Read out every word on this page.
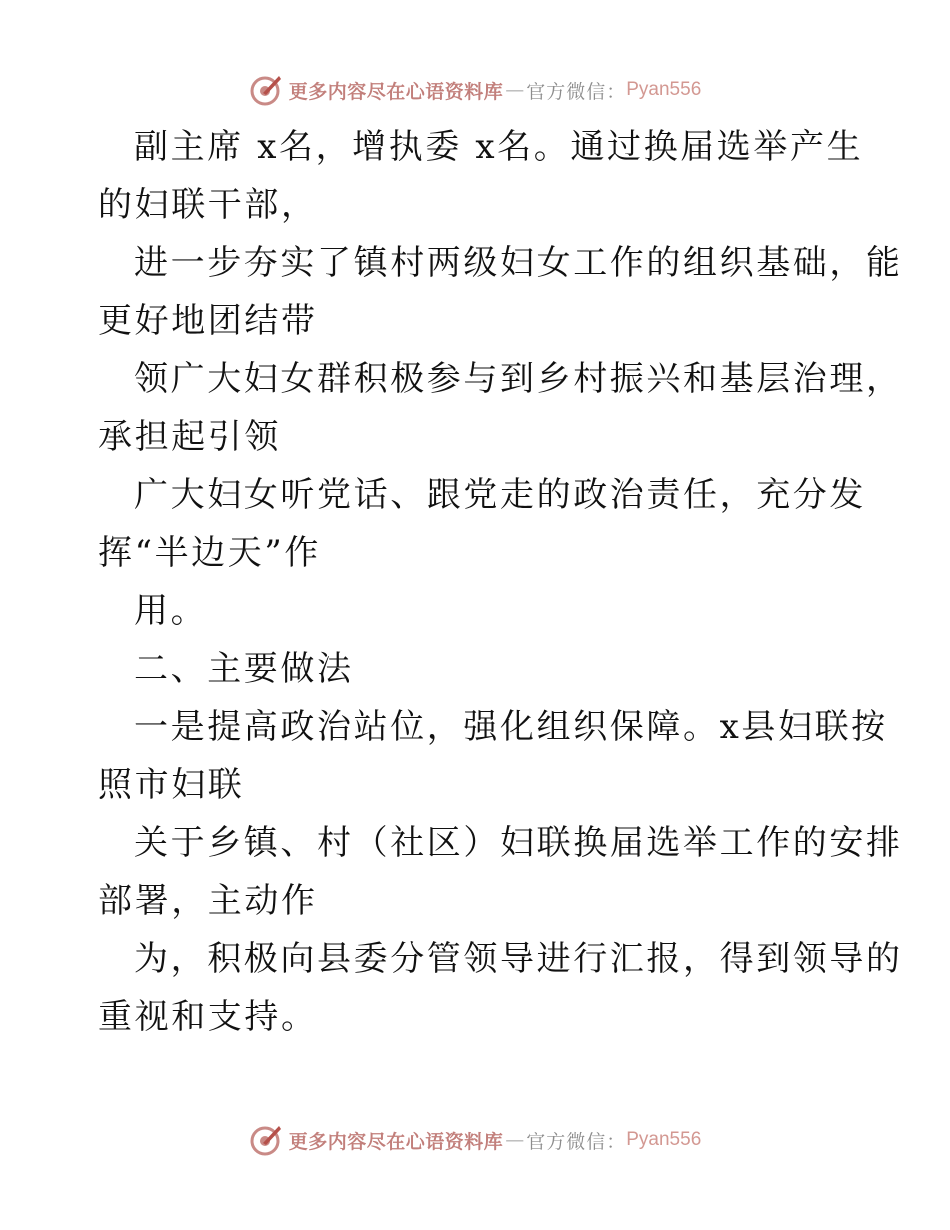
更多内容尽在心语资料库 — 官方微信： Pyan556
副主席 x名，增执委 x名。通过换届选举产生
的妇联干部，
进一步夯实了镇村两级妇女工作的组织基础，能
更好地团结带
领广大妇女群积极参与到乡村振兴和基层治理，
承担起引领
广大妇女听党话、跟党走的政治责任，充分发
挥“半边天”作
用。
二、主要做法
一是提高政治站位，强化组织保障。x县妇联按
照市妇联
关于乡镇、村（社区）妇联换届选举工作的安排
部署，主动作
为，积极向县委分管领导进行汇报，得到领导的
重视和支持。
更多内容尽在心语资料库 — 官方微信： Pyan556
